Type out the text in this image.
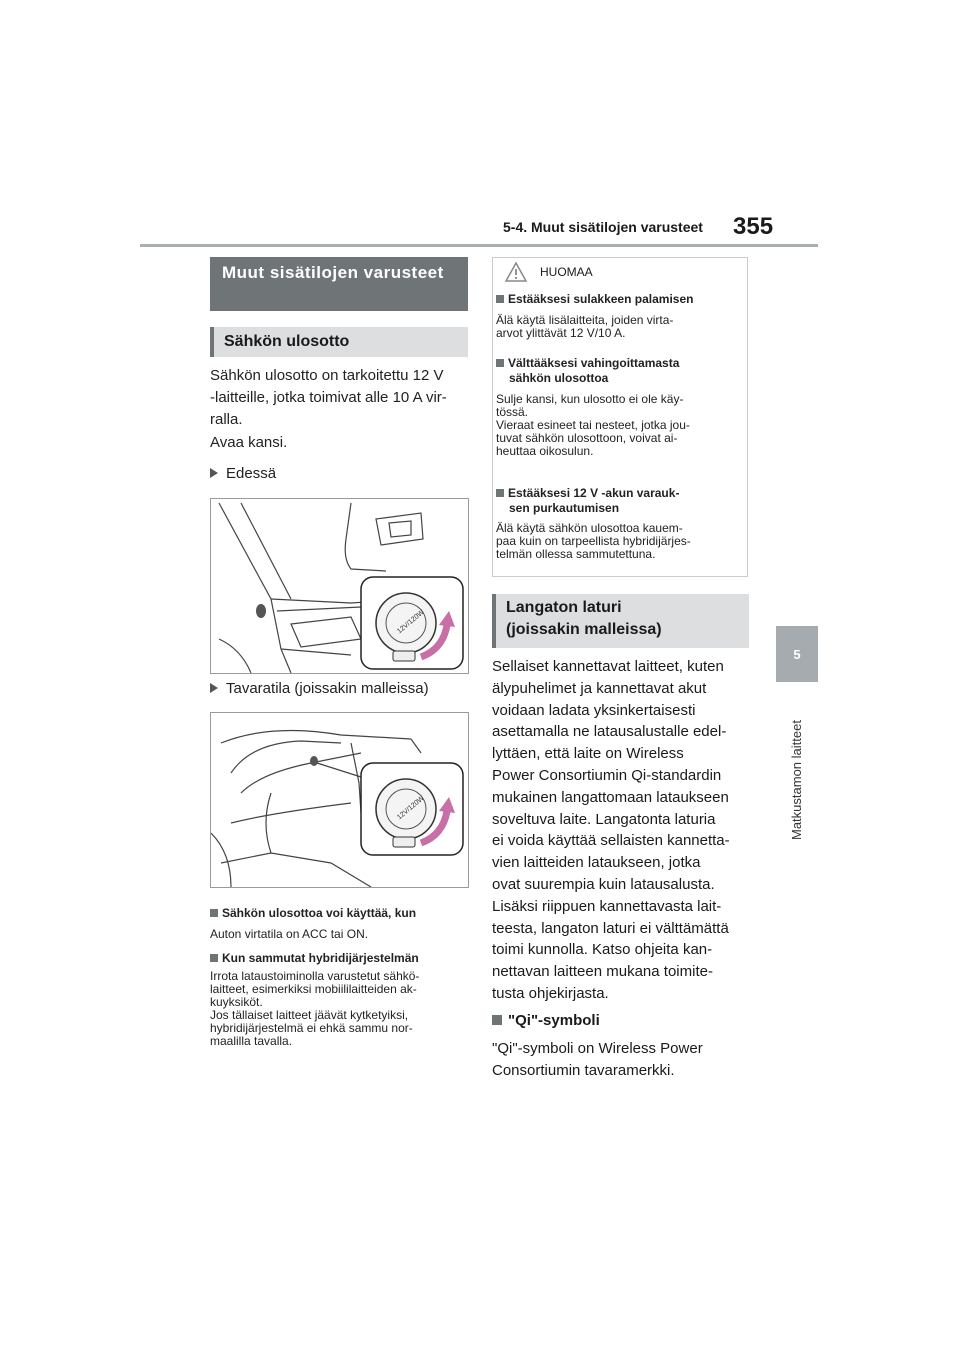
5-4. Muut sisätilojen varusteet 355
5
Matkustamon laitteet
Muut sisätilojen varusteet
Sähkön ulosotto
Sähkön ulosotto on tarkoitettu 12 V
-laitteille, jotka toimivat alle 10 A vir-
ralla.
Avaa kansi.
Edessä
12V/120W
Tavaratila (joissakin malleissa)
12V/120W
Sähkön ulosottoa voi käyttää, kun
Auton virtatila on ACC tai ON.
Kun sammutat hybridijärjestelmän
Irrota lataustoiminolla varustetut sähkö-
laitteet, esimerkiksi mobiililaitteiden ak-
kuyksiköt.
Jos tällaiset laitteet jäävät kytketyiksi,
hybridijärjestelmä ei ehkä sammu nor-
maalilla tavalla.
HUOMAA
Estääksesi sulakkeen palamisen
Älä käytä lisälaitteita, joiden virta-
arvot ylittävät 12 V/10 A.
Välttääksesi vahingoittamasta
sähkön ulosottoa
Sulje kansi, kun ulosotto ei ole käy-
tössä.
Vieraat esineet tai nesteet, jotka jou-
tuvat sähkön ulosottoon, voivat ai-
heuttaa oikosulun.
Estääksesi 12 V -akun varauk-
sen purkautumisen
Älä käytä sähkön ulosottoa kauem-
paa kuin on tarpeellista hybridijärjes-
telmän ollessa sammutettuna.
Langaton laturi
(joissakin malleissa)
Sellaiset kannettavat laitteet, kuten
älypuhelimet ja kannettavat akut
voidaan ladata yksinkertaisesti
asettamalla ne latausalustalle edel-
lyttäen, että laite on Wireless
Power Consortiumin Qi-standardin
mukainen langattomaan lataukseen
soveltuva laite. Langatonta laturia
ei voida käyttää sellaisten kannetta-
vien laitteiden lataukseen, jotka
ovat suurempia kuin latausalusta.
Lisäksi riippuen kannettavasta lait-
teesta, langaton laturi ei välttämättä
toimi kunnolla. Katso ohjeita kan-
nettavan laitteen mukana toimite-
tusta ohjekirjasta.
"Qi"-symboli
"Qi"-symboli on Wireless Power
Consortiumin tavaramerkki.
